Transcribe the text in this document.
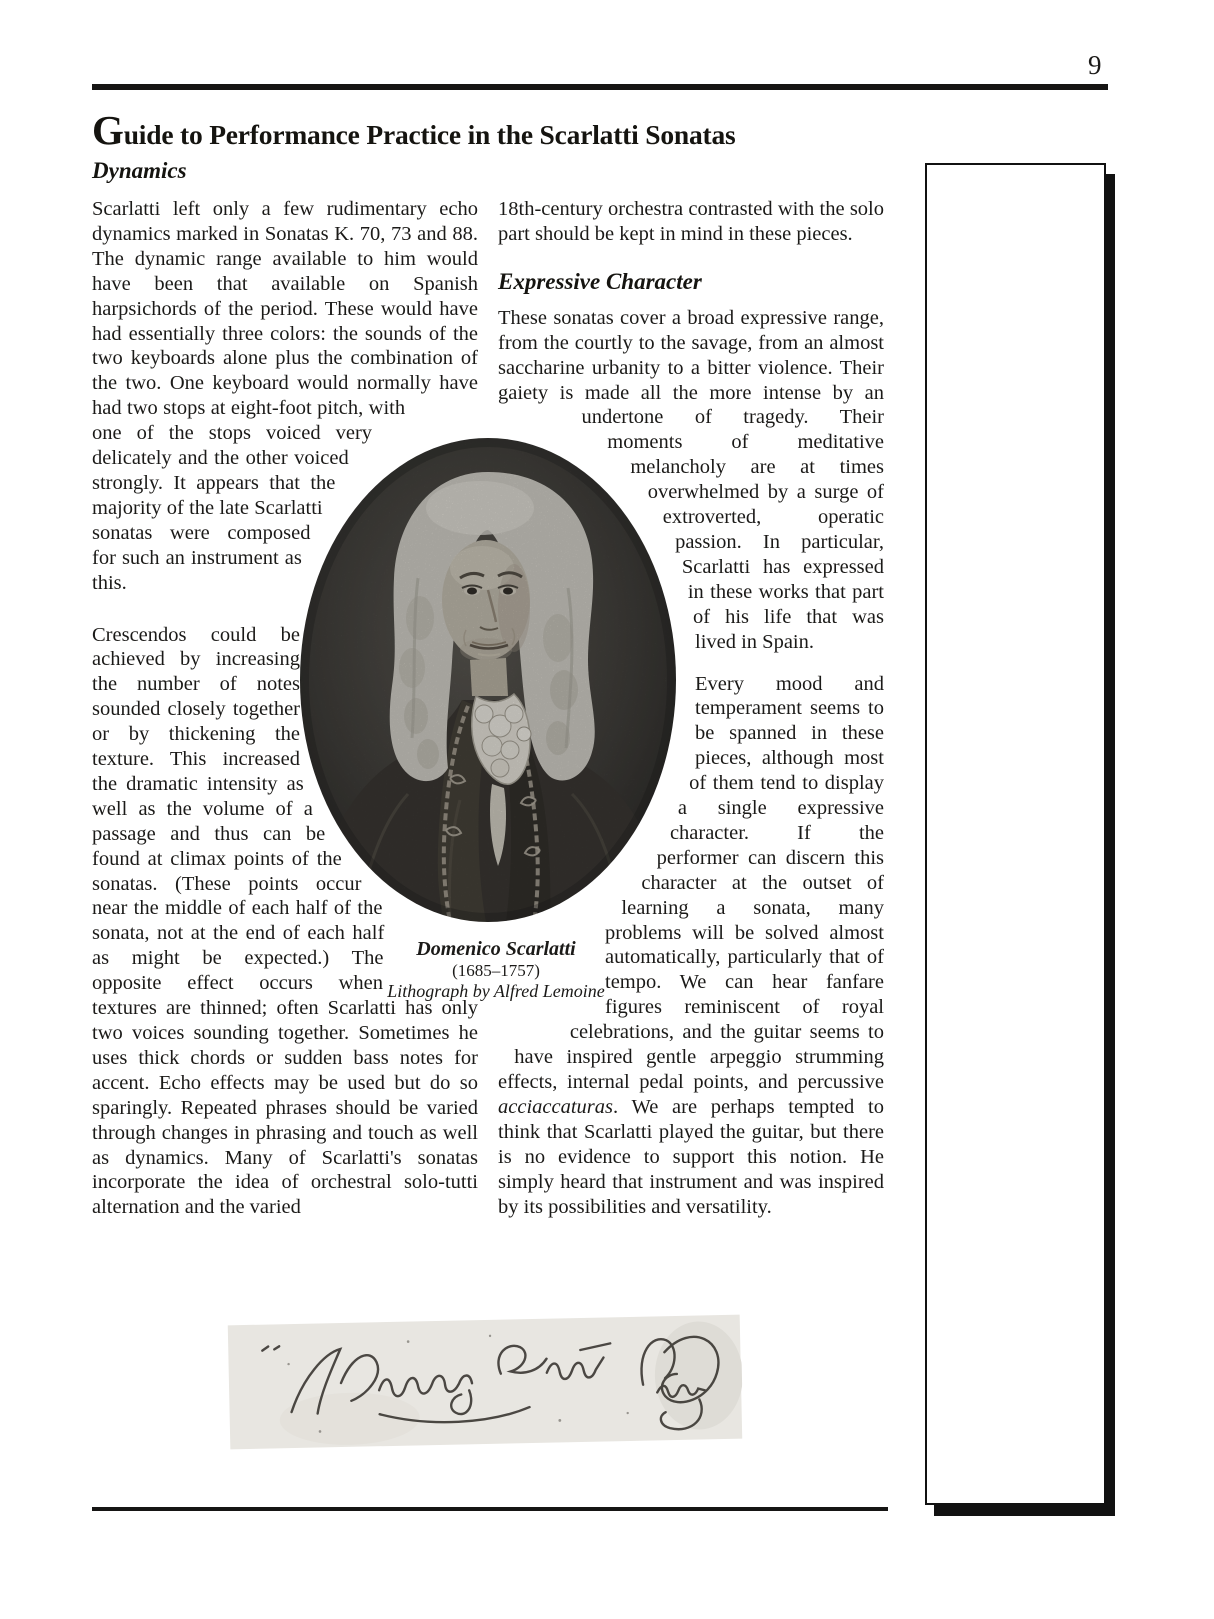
9
Guide to Performance Practice in the Scarlatti Sonatas
Dynamics

Scarlatti left only a few rudimentary echo dynamics marked in Sonatas K. 70, 73 and 88. The dynamic range available to him would have been that available on Spanish harpsichords of the period. These would have had essentially three colors: the sounds of the two keyboards alone plus the combination of the two. One keyboard would normally have had two stops at eight-foot pitch, with one of the stops voiced very delicately and the other voiced strongly. It appears that the majority of the late Scarlatti sonatas were composed for such an instrument as this.

Crescendos could be achieved by increasing the number of notes sounded closely together or by thickening the texture. This increased the dramatic intensity as well as the volume of a passage and thus can be found at climax points of the sonatas. (These points occur near the middle of each half of the sonata, not at the end of each half as might be expected.) The opposite effect occurs when textures are thinned; often Scarlatti has only two voices sounding together. Sometimes he uses thick chords or sudden bass notes for accent. Echo effects may be used but do so sparingly. Repeated phrases should be varied through changes in phrasing and touch as well as dynamics. Many of Scarlatti's sonatas incorporate the idea of orchestral solo-tutti alternation and the varied

18th-century orchestra contrasted with the solo part should be kept in mind in these pieces.

Expressive Character

These sonatas cover a broad expressive range, from the courtly to the savage, from an almost saccharine urbanity to a bitter violence. Their gaiety is made all the more intense by an undertone of tragedy. Their moments of meditative melancholy are at times overwhelmed by a surge of extroverted, operatic passion. In particular, Scarlatti has expressed in these works that part of his life that was lived in Spain.

Every mood and temperament seems to be spanned in these pieces, although most of them tend to display a single expressive character. If the performer can discern this character at the outset of learning a sonata, many problems will be solved almost automatically, particularly that of tempo. We can hear fanfare figures reminiscent of royal celebrations, and the guitar seems to have inspired gentle arpeggio strumming effects, internal pedal points, and percussive acciaccaturas. We are perhaps tempted to think that Scarlatti played the guitar, but there is no evidence to support this notion. He simply heard that instrument and was inspired by its possibilities and versatility.

Domenico Scarlatti
(1685–1757)
Lithograph by Alfred Lemoine
